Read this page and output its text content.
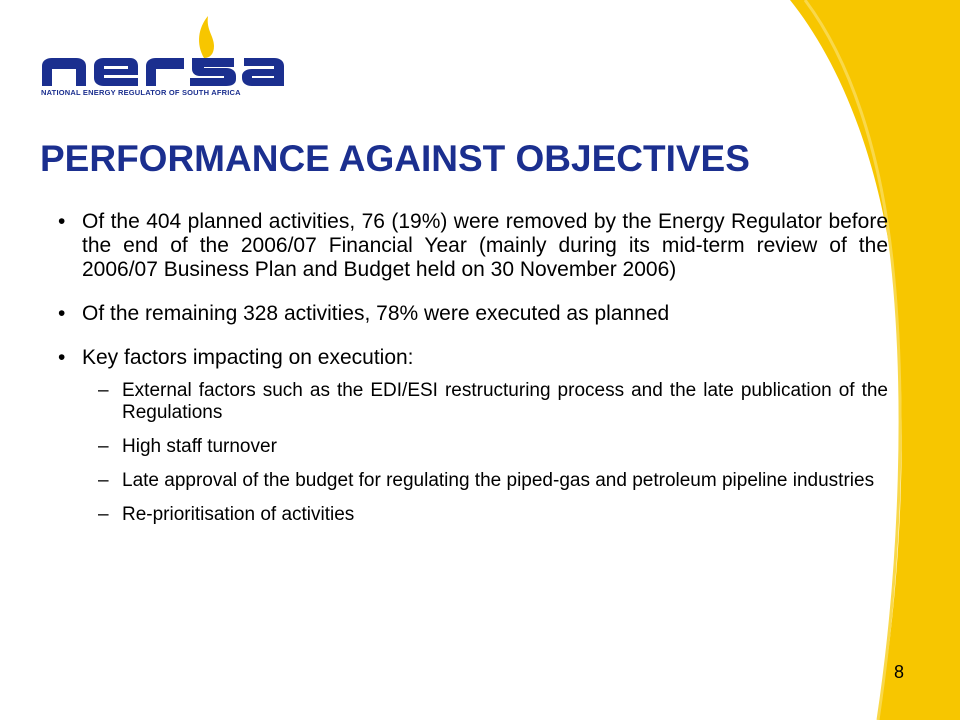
NATIONAL ENERGY REGULATOR OF SOUTH AFRICA
PERFORMANCE AGAINST OBJECTIVES
• Of the 404 planned activities, 76 (19%) were removed by the Energy Regulator before the end of the 2006/07 Financial Year (mainly during its mid-term review of the 2006/07 Business Plan and Budget held on 30 November 2006)
• Of the remaining 328 activities, 78% were executed as planned
• Key factors impacting on execution:
– External factors such as the EDI/ESI restructuring process and the late publication of the Regulations
– High staff turnover
– Late approval of the budget for regulating the piped-gas and petroleum pipeline industries
– Re-prioritisation of activities
8
